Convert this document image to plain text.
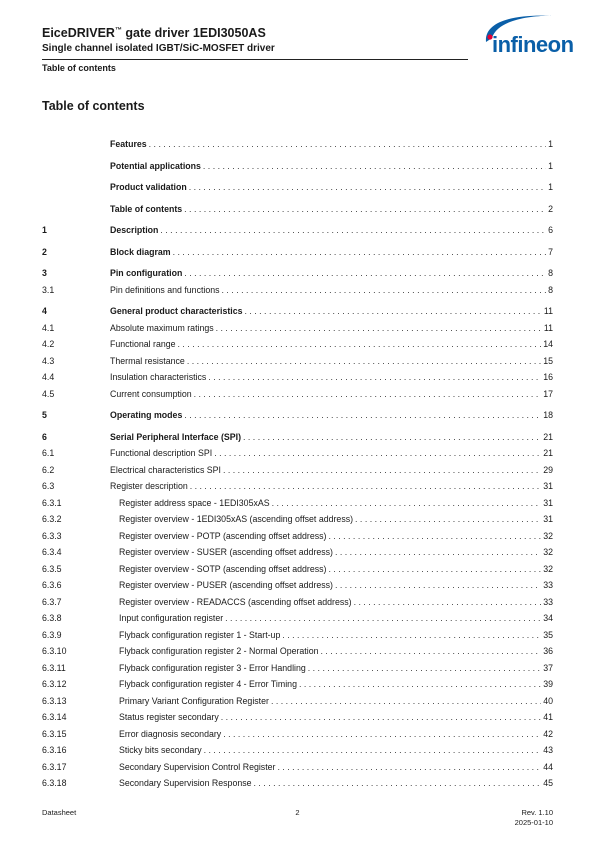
EiceDRIVER™ gate driver 1EDI3050AS
Single channel isolated IGBT/SiC-MOSFET driver
Table of contents
infineon
Table of contents
Features . . .	1
Potential applications . . .	1
Product validation . . .	1
Table of contents . . .	2
1	Description . . .	6
2	Block diagram . . .	7
3	Pin configuration . . .	8
3.1	Pin definitions and functions . . .	8
4	General product characteristics . . .	11
4.1	Absolute maximum ratings . . .	11
4.2	Functional range . . .	14
4.3	Thermal resistance . . .	15
4.4	Insulation characteristics . . .	16
4.5	Current consumption . . .	17
5	Operating modes . . .	18
6	Serial Peripheral Interface (SPI) . . .	21
6.1	Functional description SPI . . .	21
6.2	Electrical characteristics SPI . . .	29
6.3	Register description . . .	31
6.3.1	Register address space - 1EDI305xAS . . .	31
6.3.2	Register overview - 1EDI305xAS (ascending offset address) . . .	31
6.3.3	Register overview - POTP (ascending offset address) . . .	32
6.3.4	Register overview - SUSER (ascending offset address) . . .	32
6.3.5	Register overview - SOTP (ascending offset address) . . .	32
6.3.6	Register overview - PUSER (ascending offset address) . . .	33
6.3.7	Register overview - READACCS (ascending offset address) . . .	33
6.3.8	Input configuration register . . .	34
6.3.9	Flyback configuration register 1 - Start-up . . .	35
6.3.10	Flyback configuration register 2 - Normal Operation . . .	36
6.3.11	Flyback configuration register 3 - Error Handling . . .	37
6.3.12	Flyback configuration register 4 - Error Timing . . .	39
6.3.13	Primary Variant Configuration Register . . .	40
6.3.14	Status register secondary . . .	41
6.3.15	Error diagnosis secondary . . .	42
6.3.16	Sticky bits secondary . . .	43
6.3.17	Secondary Supervision Control Register . . .	44
6.3.18	Secondary Supervision Response . . .	45
Datasheet	2	Rev. 1.10
2025-01-10
